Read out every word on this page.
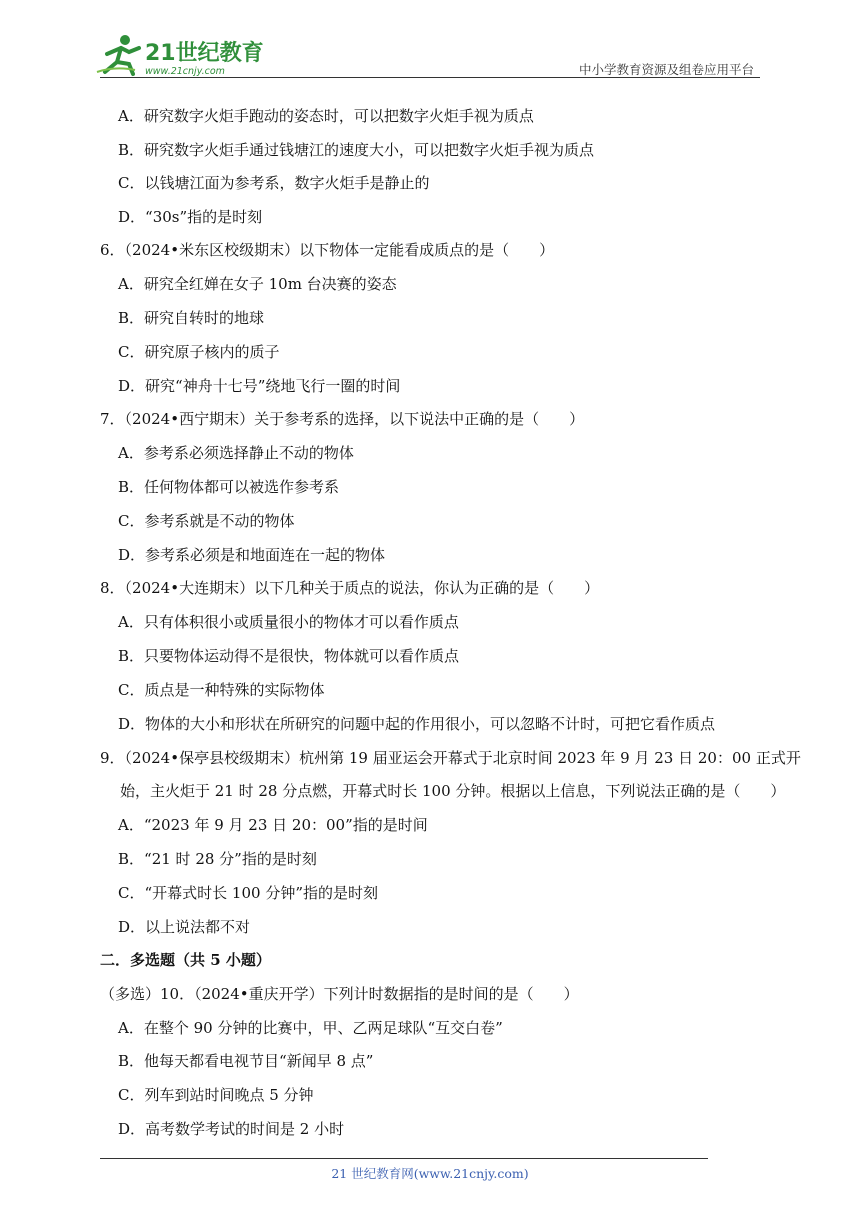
21世纪教育
www.21cnjy.com	中小学教育资源及组卷应用平台
A．研究数字火炬手跑动的姿态时，可以把数字火炬手视为质点
B．研究数字火炬手通过钱塘江的速度大小，可以把数字火炬手视为质点
C．以钱塘江面为参考系，数字火炬手是静止的
D．“30s”指的是时刻
6．（2024•米东区校级期末）以下物体一定能看成质点的是（　　）
A．研究全红婵在女子 10m 台决赛的姿态
B．研究自转时的地球
C．研究原子核内的质子
D．研究“神舟十七号”绕地飞行一圈的时间
7．（2024•西宁期末）关于参考系的选择，以下说法中正确的是（　　）
A．参考系必须选择静止不动的物体
B．任何物体都可以被选作参考系
C．参考系就是不动的物体
D．参考系必须是和地面连在一起的物体
8．（2024•大连期末）以下几种关于质点的说法，你认为正确的是（　　）
A．只有体积很小或质量很小的物体才可以看作质点
B．只要物体运动得不是很快，物体就可以看作质点
C．质点是一种特殊的实际物体
D．物体的大小和形状在所研究的问题中起的作用很小，可以忽略不计时，可把它看作质点
9．（2024•保亭县校级期末）杭州第 19 届亚运会开幕式于北京时间 2023 年 9 月 23 日 20：00 正式开
始，主火炬于 21 时 28 分点燃，开幕式时长 100 分钟。根据以上信息，下列说法正确的是（　　）
A．“2023 年 9 月 23 日 20：00”指的是时间
B．“21 时 28 分”指的是时刻
C．“开幕式时长 100 分钟”指的是时刻
D．以上说法都不对
二．多选题（共 5 小题）
（多选）10．（2024•重庆开学）下列计时数据指的是时间的是（　　）
A．在整个 90 分钟的比赛中，甲、乙两足球队“互交白卷”
B．他每天都看电视节目“新闻早 8 点”
C．列车到站时间晚点 5 分钟
D．高考数学考试的时间是 2 小时
21 世纪教育网(www.21cnjy.com)
